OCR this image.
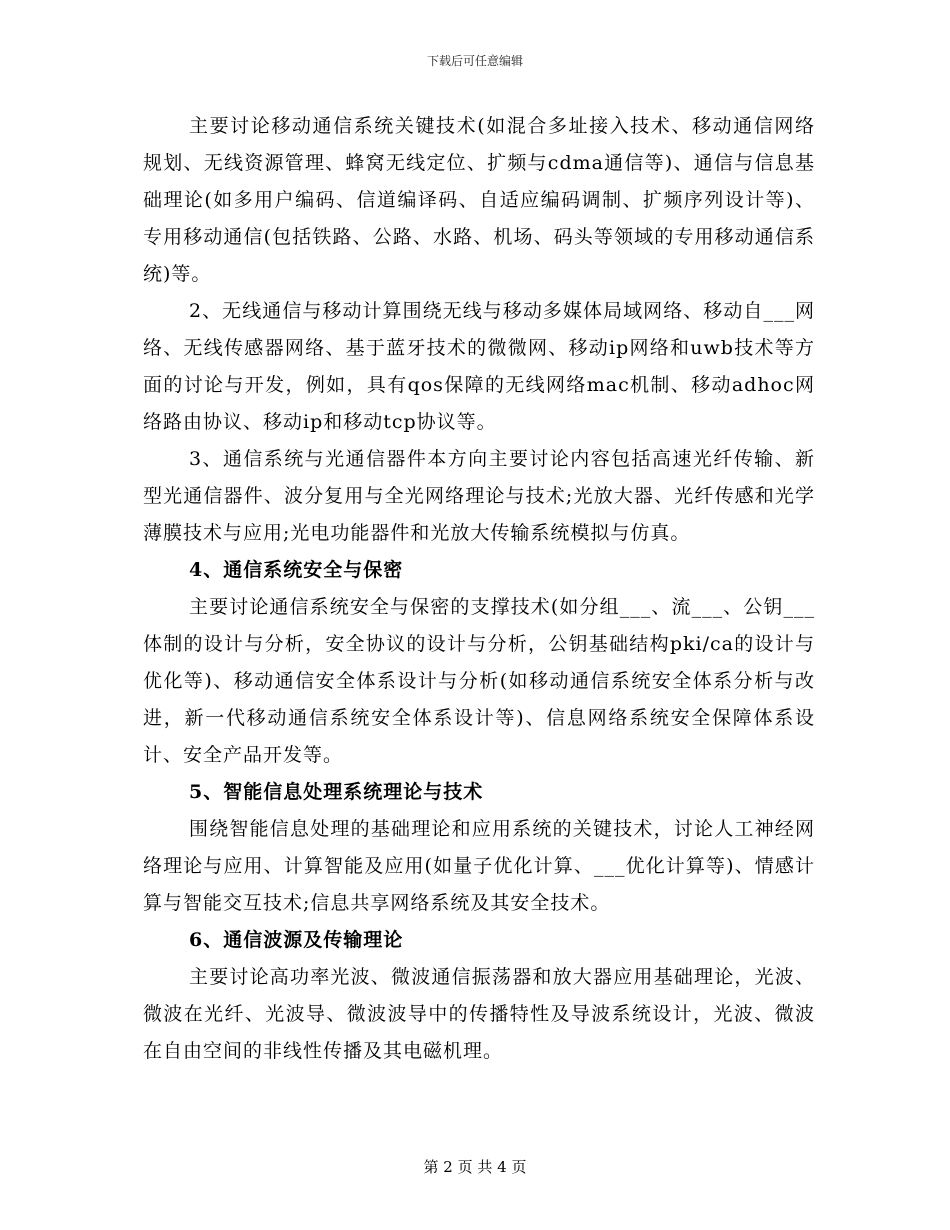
下载后可任意编辑

主要讨论移动通信系统关键技术(如混合多址接入技术、移动通信网络规划、无线资源管理、蜂窝无线定位、扩频与cdma通信等)、通信与信息基础理论(如多用户编码、信道编译码、自适应编码调制、扩频序列设计等)、专用移动通信(包括铁路、公路、水路、机场、码头等领域的专用移动通信系统)等。

2、无线通信与移动计算围绕无线与移动多媒体局域网络、移动自___网络、无线传感器网络、基于蓝牙技术的微微网、移动ip网络和uwb技术等方面的讨论与开发，例如，具有qos保障的无线网络mac机制、移动adhoc网络路由协议、移动ip和移动tcp协议等。

3、通信系统与光通信器件本方向主要讨论内容包括高速光纤传输、新型光通信器件、波分复用与全光网络理论与技术;光放大器、光纤传感和光学薄膜技术与应用;光电功能器件和光放大传输系统模拟与仿真。

4、通信系统安全与保密

主要讨论通信系统安全与保密的支撑技术(如分组___、流___、公钥___体制的设计与分析，安全协议的设计与分析，公钥基础结构pki/ca的设计与优化等)、移动通信安全体系设计与分析(如移动通信系统安全体系分析与改进，新一代移动通信系统安全体系设计等)、信息网络系统安全保障体系设计、安全产品开发等。

5、智能信息处理系统理论与技术

围绕智能信息处理的基础理论和应用系统的关键技术，讨论人工神经网络理论与应用、计算智能及应用(如量子优化计算、___优化计算等)、情感计算与智能交互技术;信息共享网络系统及其安全技术。

6、通信波源及传输理论

主要讨论高功率光波、微波通信振荡器和放大器应用基础理论，光波、微波在光纤、光波导、微波波导中的传播特性及导波系统设计，光波、微波在自由空间的非线性传播及其电磁机理。

第 2 页 共 4 页
